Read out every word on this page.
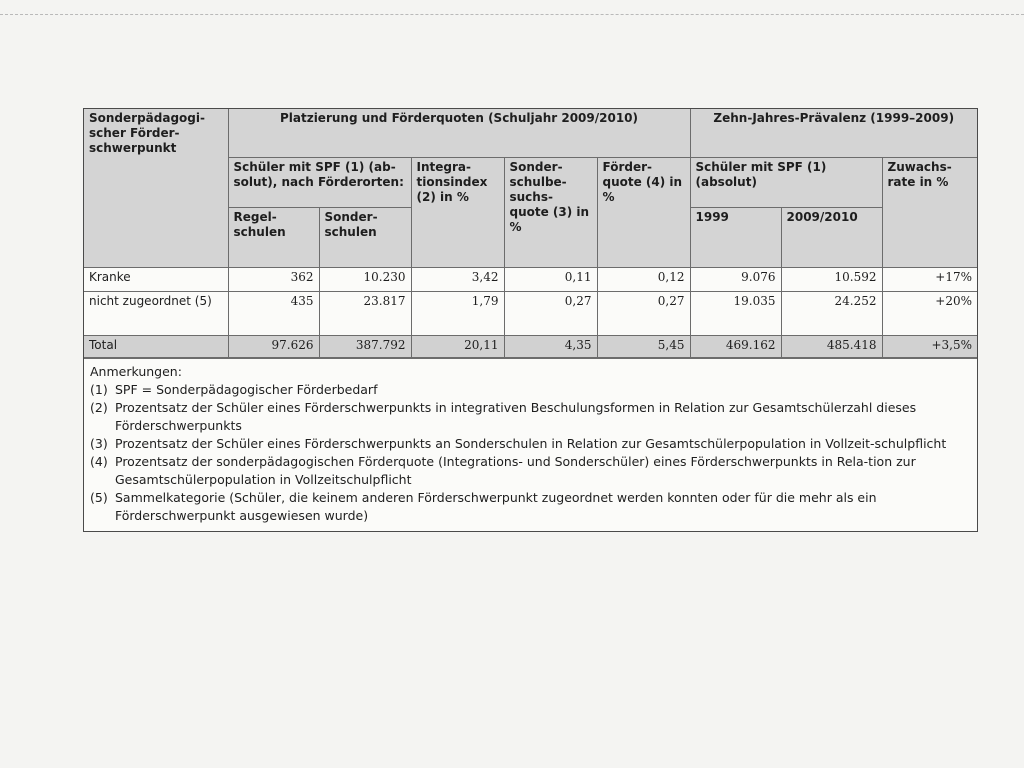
Sonderpädagogi-scher Förder-schwerpunkt	Platzierung und Förderquoten (Schuljahr 2009/2010)					Zehn-Jahres-Prävalenz (1999–2009)		
	Schüler mit SPF (1) (ab-solut), nach Förderorten:		Integra-tionsindex (2) in %	Sonder-schulbe-suchs-quote (3) in %	Förder-quote (4) in %	Schüler mit SPF (1) (absolut)		Zuwachs-rate in %
	Regel-schulen	Sonder-schulen				1999	2009/2010	
Kranke	362	10.230	3,42	0,11	0,12	9.076	10.592	+17%
nicht zugeordnet (5)	435	23.817	1,79	0,27	0,27	19.035	24.252	+20%
Total	97.626	387.792	20,11	4,35	5,45	469.162	485.418	+3,5%
Anmerkungen:
(1) SPF = Sonderpädagogischer Förderbedarf
(2) Prozentsatz der Schüler eines Förderschwerpunkts in integrativen Beschulungsformen in Relation zur Gesamtschülerzahl dieses Förderschwerpunkts
(3) Prozentsatz der Schüler eines Förderschwerpunkts an Sonderschulen in Relation zur Gesamtschülerpopulation in Vollzeit-schulpflicht
(4) Prozentsatz der sonderpädagogischen Förderquote (Integrations- und Sonderschüler) eines Förderschwerpunkts in Rela-tion zur Gesamtschülerpopulation in Vollzeitschulpflicht
(5) Sammelkategorie (Schüler, die keinem anderen Förderschwerpunkt zugeordnet werden konnten oder für die mehr als ein Förderschwerpunkt ausgewiesen wurde)
